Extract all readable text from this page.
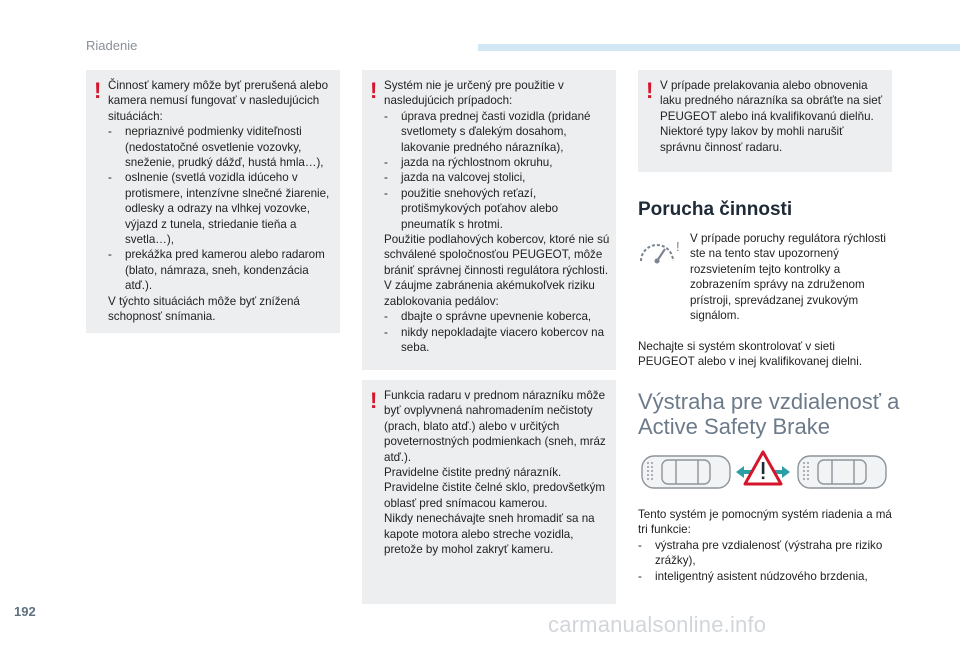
Riadenie
! Činnosť kamery môže byť prerušená alebo kamera nemusí fungovať v nasledujúcich situáciách:

- nepriaznivé podmienky viditeľnosti (nedostatočné osvetlenie vozovky, sneženie, prudký dážď, hustá hmla…),

- oslnenie (svetlá vozidla idúceho v protismere, intenzívne slnečné žiarenie, odlesky a odrazy na vlhkej vozovke, výjazd z tunela, striedanie tieňa a svetla…),

- prekážka pred kamerou alebo radarom (blato, námraza, sneh, kondenzácia atď.).

V týchto situáciách môže byť znížená schopnosť snímania.

! Systém nie je určený pre použitie v nasledujúcich prípadoch:

- úprava prednej časti vozidla (pridané svetlomety s ďalekým dosahom, lakovanie predného nárazníka),

- jazda na rýchlostnom okruhu,

- jazda na valcovej stolici,

- použitie snehových reťazí, protišmykových poťahov alebo pneumatík s hrotmi.

Použitie podlahových kobercov, ktoré nie sú schválené spoločnosťou PEUGEOT, môže brániť správnej činnosti regulátora rýchlosti.

V záujme zabránenia akémukoľvek riziku zablokovania pedálov:

- dbajte o správne upevnenie koberca,

- nikdy nepokladajte viacero kobercov na seba.

! Funkcia radaru v prednom nárazníku môže byť ovplyvnená nahromadením nečistoty (prach, blato atď.) alebo v určitých poveternostných podmienkach (sneh, mráz atď.).

Pravidelne čistite predný nárazník.

Pravidelne čistite čelné sklo, predovšetkým oblasť pred snímacou kamerou.

Nikdy nenechávajte sneh hromadiť sa na kapote motora alebo streche vozidla, pretože by mohol zakryť kameru.

! V prípade prelakovania alebo obnovenia laku predného nárazníka sa obráťte na sieť PEUGEOT alebo iná kvalifikovanú dielňu. Niektoré typy lakov by mohli narušiť správnu činnosť radaru.

Porucha činnosti
!

V prípade poruchy regulátora rýchlosti ste na tento stav upozornený rozsvietením tejto kontrolky a zobrazením správy na združenom prístroji, sprevádzanej zvukovým signálom.

Nechajte si systém skontrolovať v sieti PEUGEOT alebo v inej kvalifikovanej dielni.

Výstraha pre vzdialenosť a Active Safety Brake

Tento systém je pomocným systém riadenia a má tri funkcie:

- výstraha pre vzdialenosť (výstraha pre riziko zrážky),

- inteligentný asistent núdzového brzdenia,

192
carmanualsonline.info
